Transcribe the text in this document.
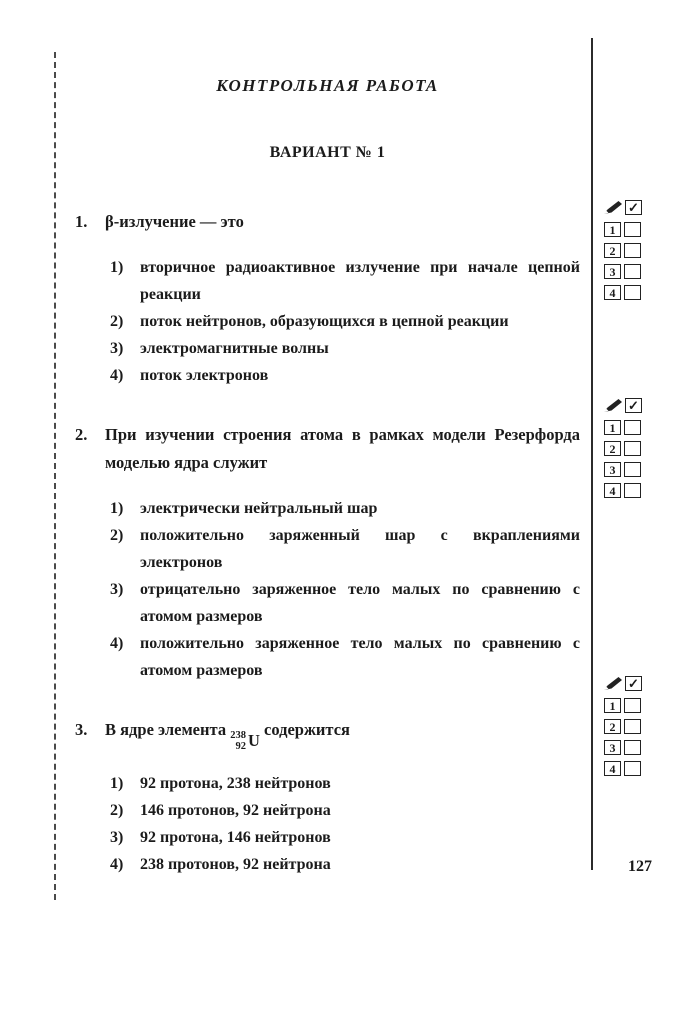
КОНТРОЛЬНАЯ РАБОТА
ВАРИАНТ № 1
1.	β-излучение — это
1)	вторичное радиоактивное излучение при начале цепной реакции
2)	поток нейтронов, образующихся в цепной реакции
3)	электромагнитные волны
4)	поток электронов
2.	При изучении строения атома в рамках модели Резерфорда моделью ядра служит
1)	электрически нейтральный шар
2)	положительно заряженный шар с вкраплениями электронов
3)	отрицательно заряженное тело малых по сравнению с атомом размеров
4)	положительно заряженное тело малых по сравнению с атомом размеров
3.	В ядре элемента 238
92 U
содержится
1)	92 протона, 238 нейтронов
2)	146 протонов, 92 нейтрона
3)	92 протона, 146 нейтронов
4)	238 протонов, 92 нейтрона
✓
1
2
3
4
✓
1
2
3
4
✓
1
2
3
4
127
